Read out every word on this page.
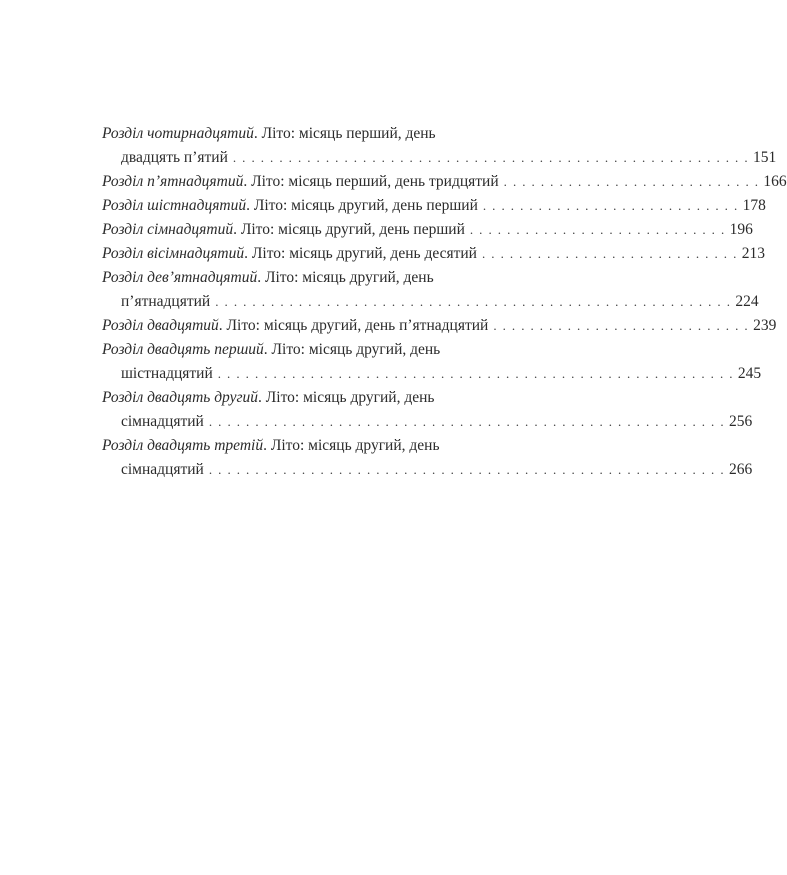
Розділ чотирнадцятий. Літо: місяць перший, день
двадцять п’ятий . . . . . . . . . . . . . . . . . . . . . . . . . . . . . . . . . . . . . . . . . . . . . . . . . . . . . . . . 151
Розділ п’ятнадцятий. Літо: місяць перший, день тридцятий . . . . . . . . . . . . . . . . . . . . . . . . . . . . 166
Розділ шістнадцятий. Літо: місяць другий, день перший . . . . . . . . . . . . . . . . . . . . . . . . . . . . 178
Розділ сімнадцятий. Літо: місяць другий, день перший . . . . . . . . . . . . . . . . . . . . . . . . . . . . 196
Розділ вісімнадцятий. Літо: місяць другий, день десятий . . . . . . . . . . . . . . . . . . . . . . . . . . . . 213
Розділ дев’ятнадцятий. Літо: місяць другий, день
п’ятнадцятий . . . . . . . . . . . . . . . . . . . . . . . . . . . . . . . . . . . . . . . . . . . . . . . . . . . . . . . . 224
Розділ двадцятий. Літо: місяць другий, день п’ятнадцятий . . . . . . . . . . . . . . . . . . . . . . . . . . . . 239
Розділ двадцять перший. Літо: місяць другий, день
шістнадцятий . . . . . . . . . . . . . . . . . . . . . . . . . . . . . . . . . . . . . . . . . . . . . . . . . . . . . . . . 245
Розділ двадцять другий. Літо: місяць другий, день
сімнадцятий . . . . . . . . . . . . . . . . . . . . . . . . . . . . . . . . . . . . . . . . . . . . . . . . . . . . . . . . 256
Розділ двадцять третій. Літо: місяць другий, день
сімнадцятий . . . . . . . . . . . . . . . . . . . . . . . . . . . . . . . . . . . . . . . . . . . . . . . . . . . . . . . . 266
